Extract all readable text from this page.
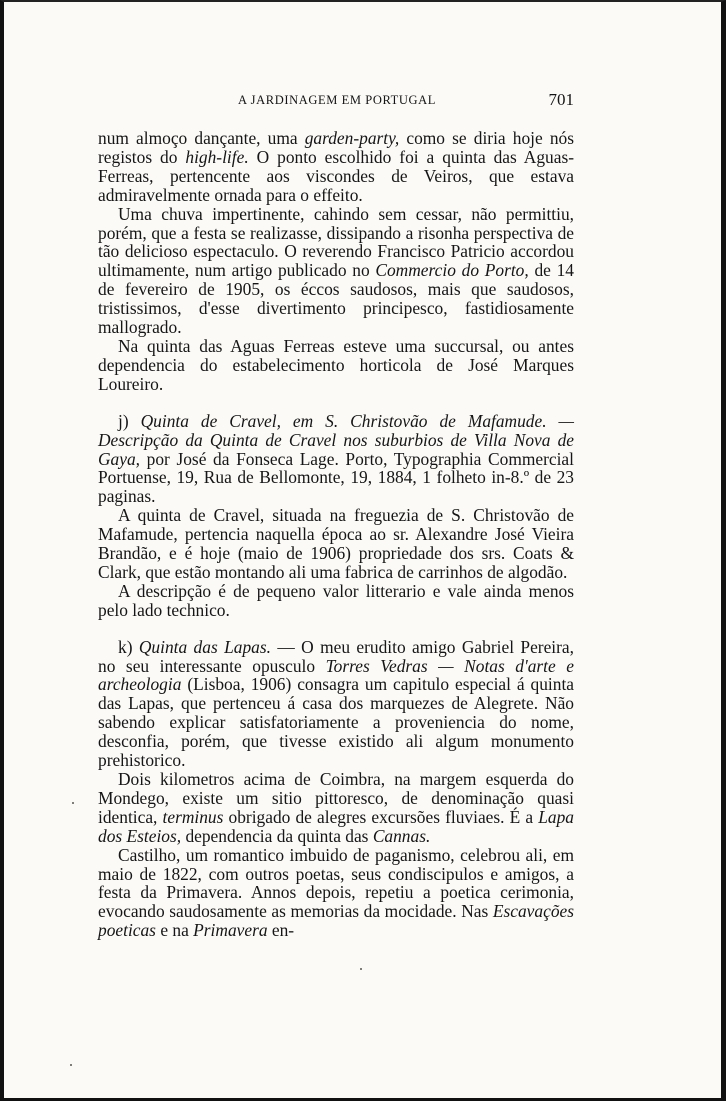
A JARDINAGEM EM PORTUGAL	701

num almoço dançante, uma garden-party, como se diria hoje nós registos do high-life. O ponto escolhido foi a quinta das Aguas-Ferreas, pertencente aos viscondes de Veiros, que estava admiravelmente ornada para o effeito.

Uma chuva impertinente, cahindo sem cessar, não permittiu, porém, que a festa se realizasse, dissipando a risonha perspectiva de tão delicioso espectaculo. O reverendo Francisco Patricio accordou ultimamente, num artigo publicado no Commercio do Porto, de 14 de fevereiro de 1905, os éccos saudosos, mais que saudosos, tristissimos, d'esse divertimento principesco, fastidiosamente mallogrado.

Na quinta das Aguas Ferreas esteve uma succursal, ou antes dependencia do estabelecimento horticola de José Marques Loureiro.

j) Quinta de Cravel, em S. Christovão de Mafamude. — Descripção da Quinta de Cravel nos suburbios de Villa Nova de Gaya, por José da Fonseca Lage. Porto, Typographia Commercial Portuense, 19, Rua de Bellomonte, 19, 1884, 1 folheto in-8.º de 23 paginas.

A quinta de Cravel, situada na freguezia de S. Christovão de Mafamude, pertencia naquella época ao sr. Alexandre José Vieira Brandão, e é hoje (maio de 1906) propriedade dos srs. Coats & Clark, que estão montando ali uma fabrica de carrinhos de algodão.

A descripção é de pequeno valor litterario e vale ainda menos pelo lado technico.

k) Quinta das Lapas. — O meu erudito amigo Gabriel Pereira, no seu interessante opusculo Torres Vedras — Notas d'arte e archeologia (Lisboa, 1906) consagra um capitulo especial á quinta das Lapas, que pertenceu á casa dos marquezes de Alegrete. Não sabendo explicar satisfatoriamente a proveniencia do nome, desconfia, porém, que tivesse existido ali algum monumento prehistorico.

Dois kilometros acima de Coimbra, na margem esquerda do Mondego, existe um sitio pittoresco, de denominação quasi identica, terminus obrigado de alegres excursões fluviaes. É a Lapa dos Esteios, dependencia da quinta das Cannas.

Castilho, um romantico imbuido de paganismo, celebrou ali, em maio de 1822, com outros poetas, seus condiscipulos e amigos, a festa da Primavera. Annos depois, repetiu a poetica cerimonia, evocando saudosamente as memorias da mocidade. Nas Escavações poeticas e na Primavera en-
